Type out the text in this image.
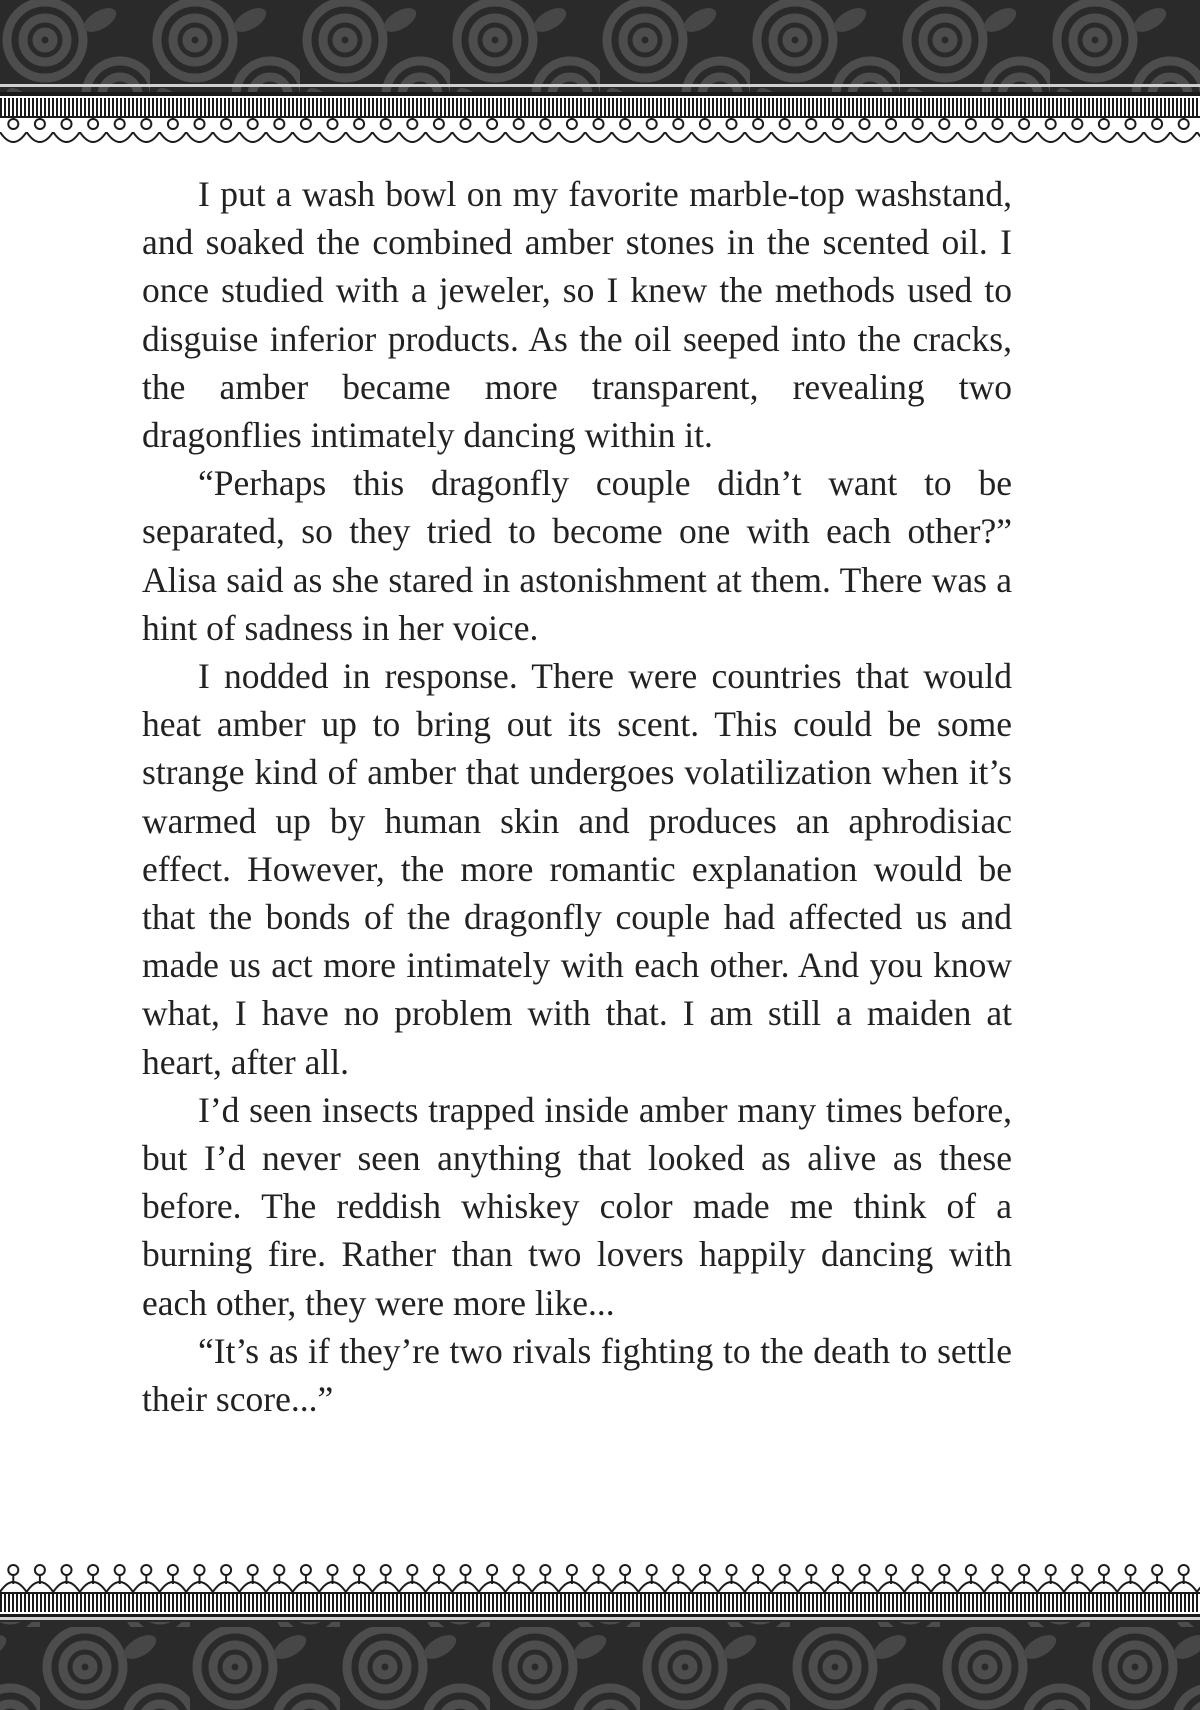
I put a wash bowl on my favorite marble-top washstand, and soaked the combined amber stones in the scented oil. I once studied with a jeweler, so I knew the methods used to disguise inferior products. As the oil seeped into the cracks, the amber became more transparent, revealing two dragonflies intimately dancing within it.

“Perhaps this dragonfly couple didn’t want to be separated, so they tried to become one with each other?” Alisa said as she stared in astonishment at them. There was a hint of sadness in her voice.

I nodded in response. There were countries that would heat amber up to bring out its scent. This could be some strange kind of amber that undergoes volatilization when it’s warmed up by human skin and produces an aphrodisiac effect. However, the more romantic explanation would be that the bonds of the dragonfly couple had affected us and made us act more intimately with each other. And you know what, I have no problem with that. I am still a maiden at heart, after all.

I’d seen insects trapped inside amber many times before, but I’d never seen anything that looked as alive as these before. The reddish whiskey color made me think of a burning fire. Rather than two lovers happily dancing with each other, they were more like...

“It’s as if they’re two rivals fighting to the death to settle their score...”
